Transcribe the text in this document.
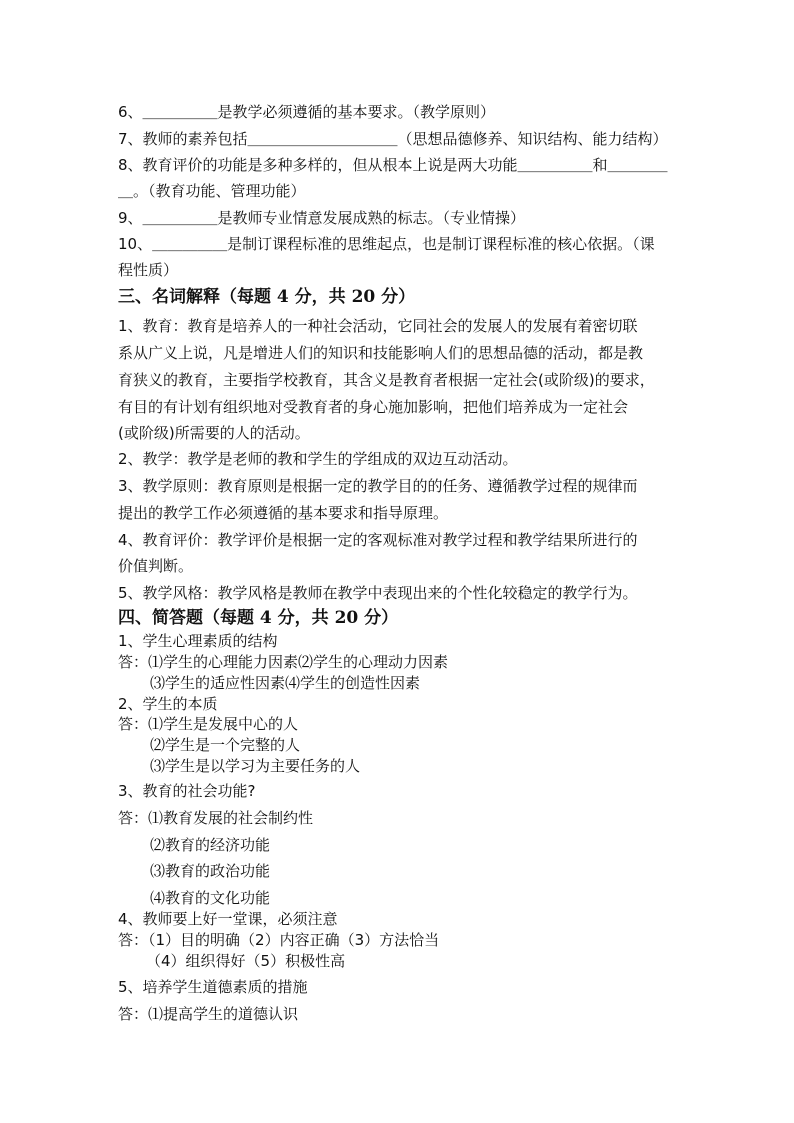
6、＿＿＿＿＿是教学必须遵循的基本要求。（教学原则）
7、教师的素养包括＿＿＿＿＿＿＿＿＿＿（思想品德修养、知识结构、能力结构）
8、教育评价的功能是多种多样的，但从根本上说是两大功能＿＿＿＿＿和＿＿＿＿
＿。（教育功能、管理功能）
9、＿＿＿＿＿是教师专业情意发展成熟的标志。（专业情操）
10、＿＿＿＿＿是制订课程标准的思维起点，也是制订课程标准的核心依据。（课
程性质）
三、名词解释（每题 4 分，共 20 分）
1、教育：教育是培养人的一种社会活动，它同社会的发展人的发展有着密切联
系从广义上说，凡是增进人们的知识和技能影响人们的思想品德的活动，都是教
育狭义的教育，主要指学校教育，其含义是教育者根据一定社会(或阶级)的要求，
有目的有计划有组织地对受教育者的身心施加影响，把他们培养成为一定社会
(或阶级)所需要的人的活动。
2、教学：教学是老师的教和学生的学组成的双边互动活动。
3、教学原则：教育原则是根据一定的教学目的的任务、遵循教学过程的规律而
提出的教学工作必须遵循的基本要求和指导原理。
4、教育评价：教学评价是根据一定的客观标准对教学过程和教学结果所进行的
价值判断。
5、教学风格：教学风格是教师在教学中表现出来的个性化较稳定的教学行为。
四、简答题（每题 4 分，共 20 分）
1、学生心理素质的结构
答：⑴学生的心理能力因素⑵学生的心理动力因素
⑶学生的适应性因素⑷学生的创造性因素
2、学生的本质
答：⑴学生是发展中心的人
⑵学生是一个完整的人
⑶学生是以学习为主要任务的人
3、教育的社会功能?
答：⑴教育发展的社会制约性
⑵教育的经济功能
⑶教育的政治功能
⑷教育的文化功能
4、教师要上好一堂课，必须注意
答：（1）目的明确（2）内容正确（3）方法恰当
（4）组织得好（5）积极性高
5、培养学生道德素质的措施
答：⑴提高学生的道德认识
